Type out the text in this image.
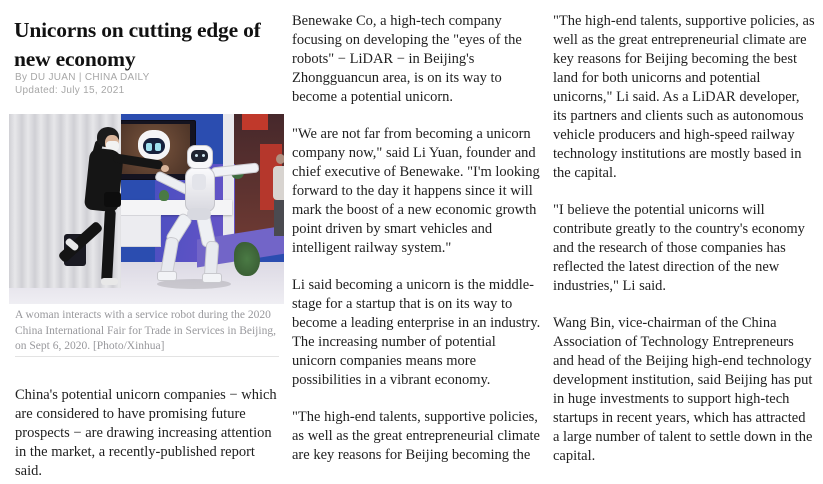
Unicorns on cutting edge of new economy
By DU JUAN | CHINA DAILY
Updated: July 15, 2021
A woman interacts with a service robot during the 2020 China International Fair for Trade in Services in Beijing, on Sept 6, 2020. [Photo/Xinhua]

China's potential unicorn companies − which are considered to have promising future prospects − are drawing increasing attention in the market, a recently-published report said.

Benewake Co, a high-tech company focusing on developing the "eyes of the robots" − LiDAR − in Beijing's Zhongguancun area, is on its way to become a potential unicorn.

"We are not far from becoming a unicorn company now," said Li Yuan, founder and chief executive of Benewake. "I'm looking forward to the day it happens since it will mark the boost of a new economic growth point driven by smart vehicles and intelligent railway system."

Li said becoming a unicorn is the middle-stage for a startup that is on its way to become a leading enterprise in an industry. The increasing number of potential unicorn companies means more possibilities in a vibrant economy.

"The high-end talents, supportive policies, as well as the great entrepreneurial climate are key reasons for Beijing becoming the

"The high-end talents, supportive policies, as well as the great entrepreneurial climate are key reasons for Beijing becoming the best land for both unicorns and potential unicorns," Li said. As a LiDAR developer, its partners and clients such as autonomous vehicle producers and high-speed railway technology institutions are mostly based in the capital.

"I believe the potential unicorns will contribute greatly to the country's economy and the research of those companies has reflected the latest direction of the new industries," Li said.

Wang Bin, vice-chairman of the China Association of Technology Entrepreneurs and head of the Beijing high-end technology development institution, said Beijing has put in huge investments to support high-tech startups in recent years, which has attracted a large number of talent to settle down in the capital.
